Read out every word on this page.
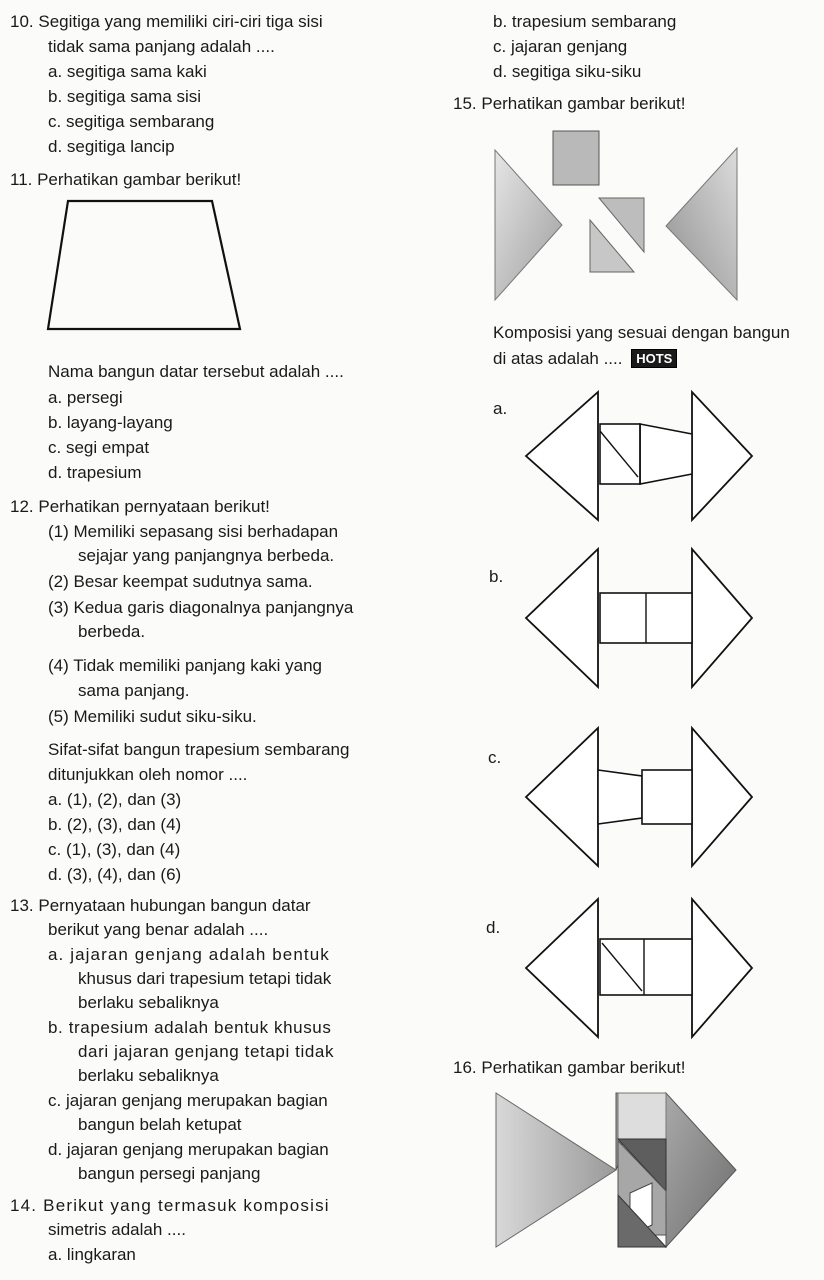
10. Segitiga yang memiliki ciri-ciri tiga sisi
tidak sama panjang adalah ....
a. segitiga sama kaki
b. segitiga sama sisi
c. segitiga sembarang
d. segitiga lancip
11. Perhatikan gambar berikut!
Nama bangun datar tersebut adalah ....
a. persegi
b. layang-layang
c. segi empat
d. trapesium
12. Perhatikan pernyataan berikut!
(1) Memiliki sepasang sisi berhadapan
sejajar yang panjangnya berbeda.
(2) Besar keempat sudutnya sama.
(3) Kedua garis diagonalnya panjangnya
berbeda.
(4) Tidak memiliki panjang kaki yang
sama panjang.
(5) Memiliki sudut siku-siku.
Sifat-sifat bangun trapesium sembarang
ditunjukkan oleh nomor ....
a. (1), (2), dan (3)
b. (2), (3), dan (4)
c. (1), (3), dan (4)
d. (3), (4), dan (6)
13. Pernyataan hubungan bangun datar
berikut yang benar adalah ....
a. jajaran genjang adalah bentuk
khusus dari trapesium tetapi tidak
berlaku sebaliknya
b. trapesium adalah bentuk khusus
dari jajaran genjang tetapi tidak
berlaku sebaliknya
c. jajaran genjang merupakan bagian
bangun belah ketupat
d. jajaran genjang merupakan bagian
bangun persegi panjang
14. Berikut yang termasuk komposisi
simetris adalah ....
a. lingkaran
b. trapesium sembarang
c. jajaran genjang
d. segitiga siku-siku
15. Perhatikan gambar berikut!
Komposisi yang sesuai dengan bangun
di atas adalah .... HOTS
a.
b.
c.
d.
16. Perhatikan gambar berikut!
